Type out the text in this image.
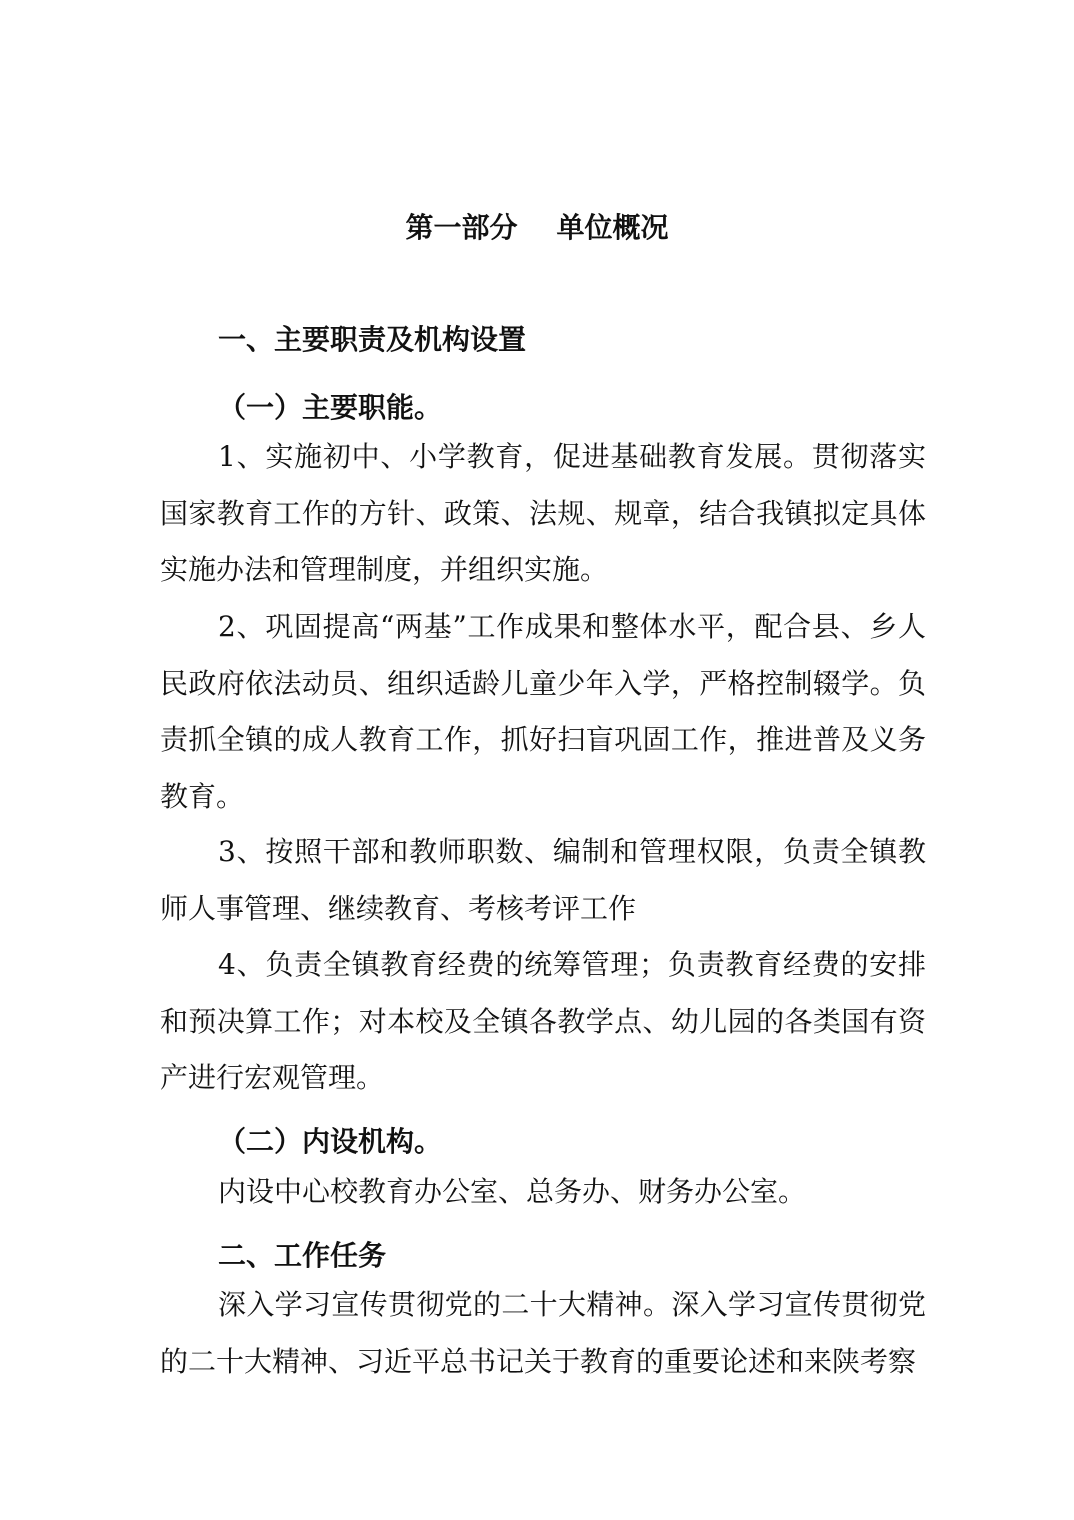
第一部分    单位概况
一、主要职责及机构设置
（一）主要职能。
1、实施初中、小学教育，促进基础教育发展。贯彻落实国家教育工作的方针、政策、法规、规章，结合我镇拟定具体实施办法和管理制度，并组织实施。
2、巩固提高“两基”工作成果和整体水平，配合县、乡人民政府依法动员、组织适龄儿童少年入学，严格控制辍学。负责抓全镇的成人教育工作，抓好扫盲巩固工作，推进普及义务教育。
3、按照干部和教师职数、编制和管理权限，负责全镇教师人事管理、继续教育、考核考评工作
4、负责全镇教育经费的统筹管理；负责教育经费的安排和预决算工作；对本校及全镇各教学点、幼儿园的各类国有资产进行宏观管理。
（二）内设机构。
内设中心校教育办公室、总务办、财务办公室。
二、工作任务
深入学习宣传贯彻党的二十大精神。深入学习宣传贯彻党的二十大精神、习近平总书记关于教育的重要论述和来陕考察
